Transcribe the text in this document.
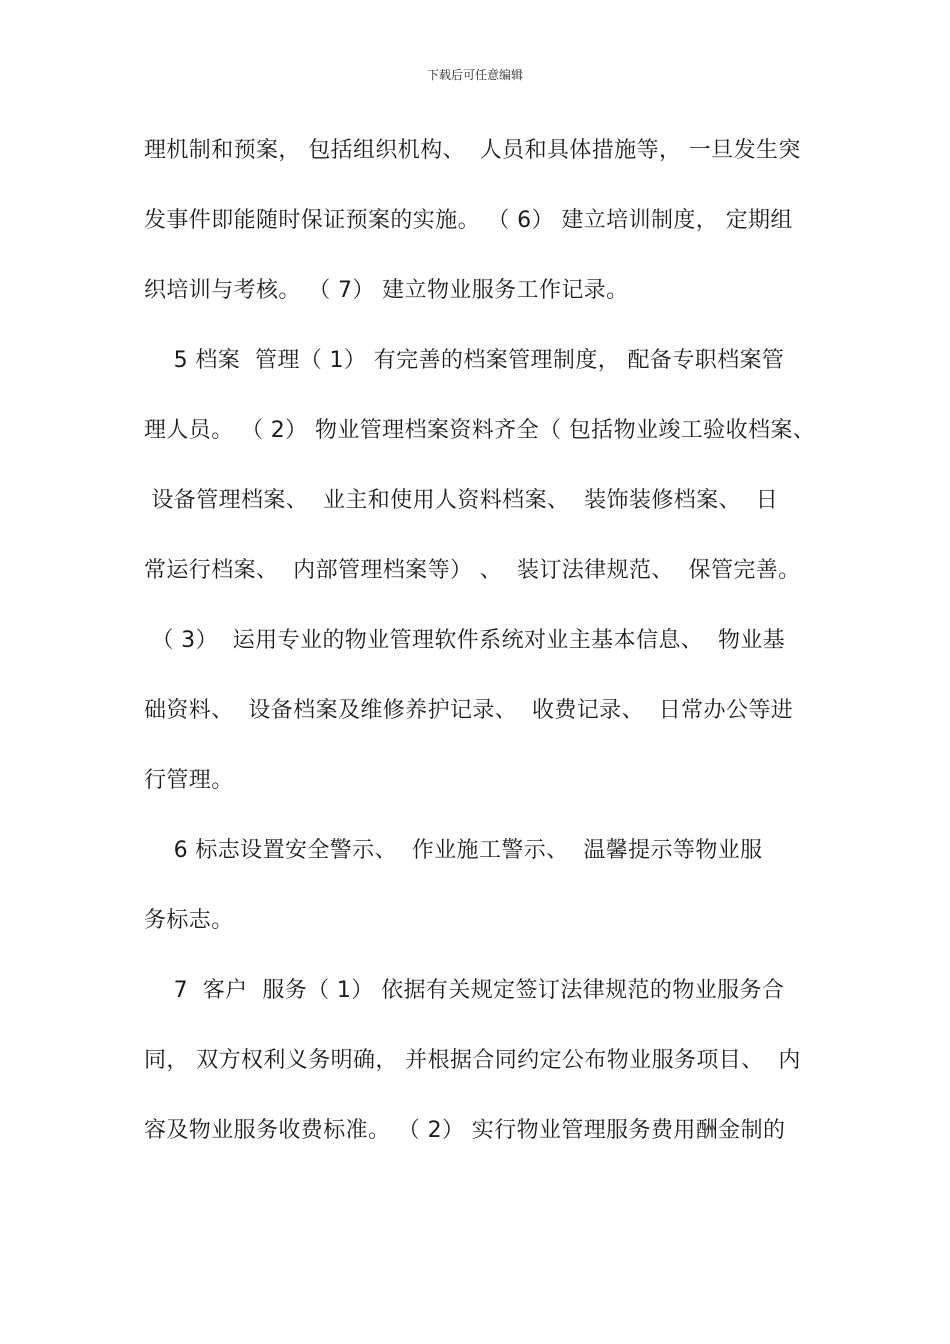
下载后可任意编辑
理机制和预案， 包括组织机构、  人员和具体措施等， 一旦发生突
发事件即能随时保证预案的实施。 （ 6） 建立培训制度， 定期组
织培训与考核。 （ 7） 建立物业服务工作记录。
5 档案  管理（ 1） 有完善的档案管理制度， 配备专职档案管
理人员。 （ 2） 物业管理档案资料齐全（ 包括物业竣工验收档案、
设备管理档案、  业主和使用人资料档案、  装饰装修档案、  日
常运行档案、  内部管理档案等） 、  装订法律规范、  保管完善。
（ 3）  运用专业的物业管理软件系统对业主基本信息、  物业基
础资料、  设备档案及维修养护记录、  收费记录、  日常办公等进
行管理。
6 标志设置安全警示、  作业施工警示、  温馨提示等物业服
务标志。
7  客户  服务（ 1） 依据有关规定签订法律规范的物业服务合
同， 双方权利义务明确， 并根据合同约定公布物业服务项目、  内
容及物业服务收费标准。 （ 2） 实行物业管理服务费用酬金制的
